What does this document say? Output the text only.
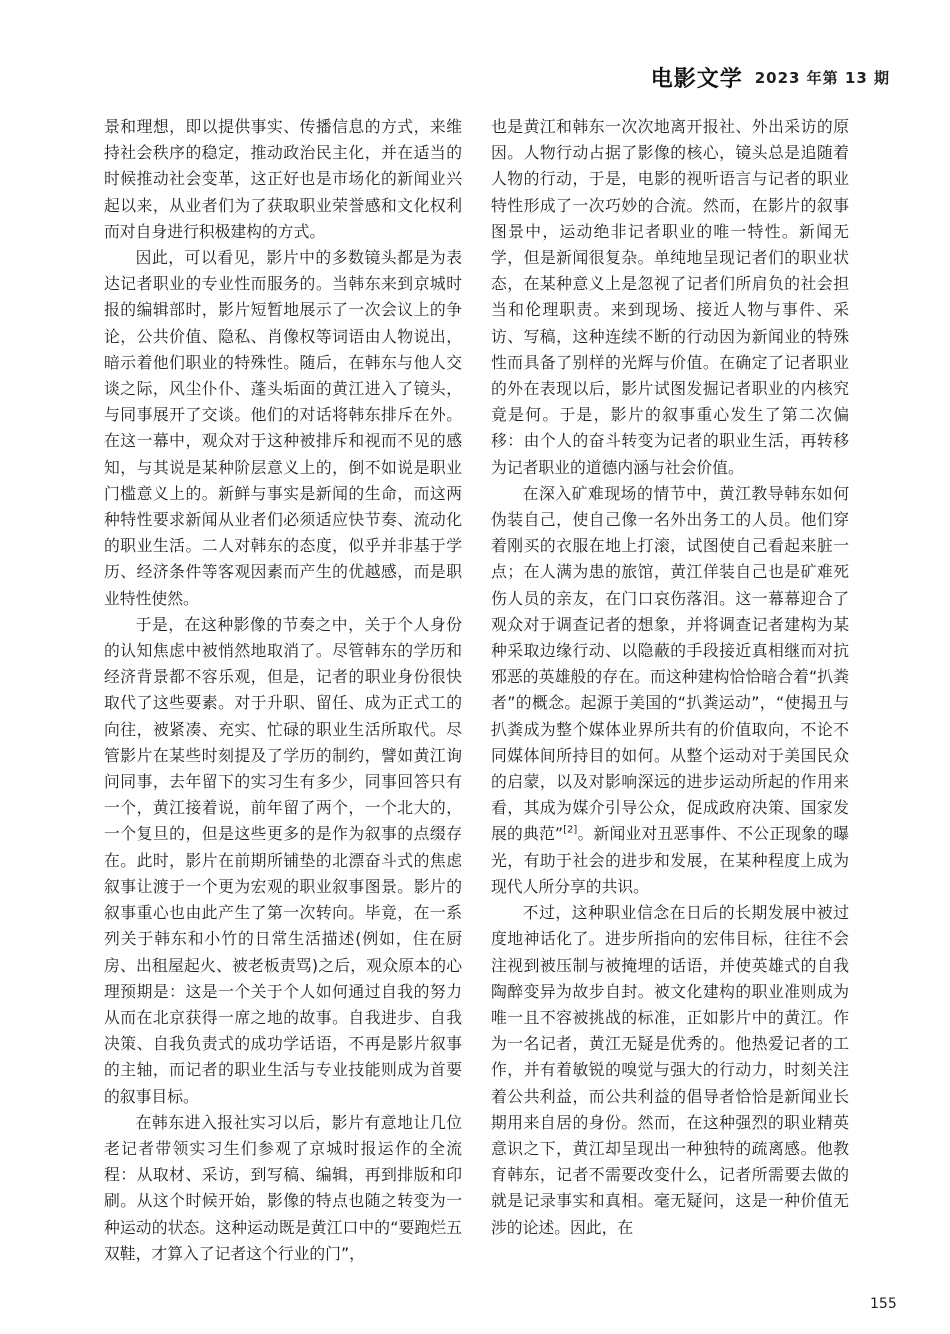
电影文学 2023 年第 13 期

景和理想，即以提供事实、传播信息的方式，来维持社会秩序的稳定，推动政治民主化，并在适当的时候推动社会变革，这正好也是市场化的新闻业兴起以来，从业者们为了获取职业荣誉感和文化权利而对自身进行积极建构的方式。

因此，可以看见，影片中的多数镜头都是为表达记者职业的专业性而服务的。当韩东来到京城时报的编辑部时，影片短暂地展示了一次会议上的争论，公共价值、隐私、肖像权等词语由人物说出，暗示着他们职业的特殊性。随后，在韩东与他人交谈之际，风尘仆仆、蓬头垢面的黄江进入了镜头，与同事展开了交谈。他们的对话将韩东排斥在外。在这一幕中，观众对于这种被排斥和视而不见的感知，与其说是某种阶层意义上的，倒不如说是职业门槛意义上的。新鲜与事实是新闻的生命，而这两种特性要求新闻从业者们必须适应快节奏、流动化的职业生活。二人对韩东的态度，似乎并非基于学历、经济条件等客观因素而产生的优越感，而是职业特性使然。

于是，在这种影像的节奏之中，关于个人身份的认知焦虑中被悄然地取消了。尽管韩东的学历和经济背景都不容乐观，但是，记者的职业身份很快取代了这些要素。对于升职、留任、成为正式工的向往，被紧凑、充实、忙碌的职业生活所取代。尽管影片在某些时刻提及了学历的制约，譬如黄江询问同事，去年留下的实习生有多少，同事回答只有一个，黄江接着说，前年留了两个，一个北大的，一个复旦的，但是这些更多的是作为叙事的点缀存在。此时，影片在前期所铺垫的北漂奋斗式的焦虑叙事让渡于一个更为宏观的职业叙事图景。影片的叙事重心也由此产生了第一次转向。毕竟，在一系列关于韩东和小竹的日常生活描述(例如，住在厨房、出租屋起火、被老板责骂)之后，观众原本的心理预期是：这是一个关于个人如何通过自我的努力从而在北京获得一席之地的故事。自我进步、自我决策、自我负责式的成功学话语，不再是影片叙事的主轴，而记者的职业生活与专业技能则成为首要的叙事目标。

在韩东进入报社实习以后，影片有意地让几位老记者带领实习生们参观了京城时报运作的全流程：从取材、采访，到写稿、编辑，再到排版和印刷。从这个时候开始，影像的特点也随之转变为一种运动的状态。这种运动既是黄江口中的“要跑烂五双鞋，才算入了记者这个行业的门”，

也是黄江和韩东一次次地离开报社、外出采访的原因。人物行动占据了影像的核心，镜头总是追随着人物的行动，于是，电影的视听语言与记者的职业特性形成了一次巧妙的合流。然而，在影片的叙事图景中，运动绝非记者职业的唯一特性。新闻无学，但是新闻很复杂。单纯地呈现记者们的职业状态，在某种意义上是忽视了记者们所肩负的社会担当和伦理职责。来到现场、接近人物与事件、采访、写稿，这种连续不断的行动因为新闻业的特殊性而具备了别样的光辉与价值。在确定了记者职业的外在表现以后，影片试图发掘记者职业的内核究竟是何。于是，影片的叙事重心发生了第二次偏移：由个人的奋斗转变为记者的职业生活，再转移为记者职业的道德内涵与社会价值。

在深入矿难现场的情节中，黄江教导韩东如何伪装自己，使自己像一名外出务工的人员。他们穿着刚买的衣服在地上打滚，试图使自己看起来脏一点；在人满为患的旅馆，黄江佯装自己也是矿难死伤人员的亲友，在门口哀伤落泪。这一幕幕迎合了观众对于调查记者的想象，并将调查记者建构为某种采取边缘行动、以隐蔽的手段接近真相继而对抗邪恶的英雄般的存在。而这种建构恰恰暗合着“扒粪者”的概念。起源于美国的“扒粪运动”，“使揭丑与扒粪成为整个媒体业界所共有的价值取向，不论不同媒体间所持目的如何。从整个运动对于美国民众的启蒙，以及对影响深远的进步运动所起的作用来看，其成为媒介引导公众，促成政府决策、国家发展的典范”[2]。新闻业对丑恶事件、不公正现象的曝光，有助于社会的进步和发展，在某种程度上成为现代人所分享的共识。

不过，这种职业信念在日后的长期发展中被过度地神话化了。进步所指向的宏伟目标，往往不会注视到被压制与被掩埋的话语，并使英雄式的自我陶醉变异为故步自封。被文化建构的职业准则成为唯一且不容被挑战的标准，正如影片中的黄江。作为一名记者，黄江无疑是优秀的。他热爱记者的工作，并有着敏锐的嗅觉与强大的行动力，时刻关注着公共利益，而公共利益的倡导者恰恰是新闻业长期用来自居的身份。然而，在这种强烈的职业精英意识之下，黄江却呈现出一种独特的疏离感。他教育韩东，记者不需要改变什么，记者所需要去做的就是记录事实和真相。毫无疑问，这是一种价值无涉的论述。因此，在

155
